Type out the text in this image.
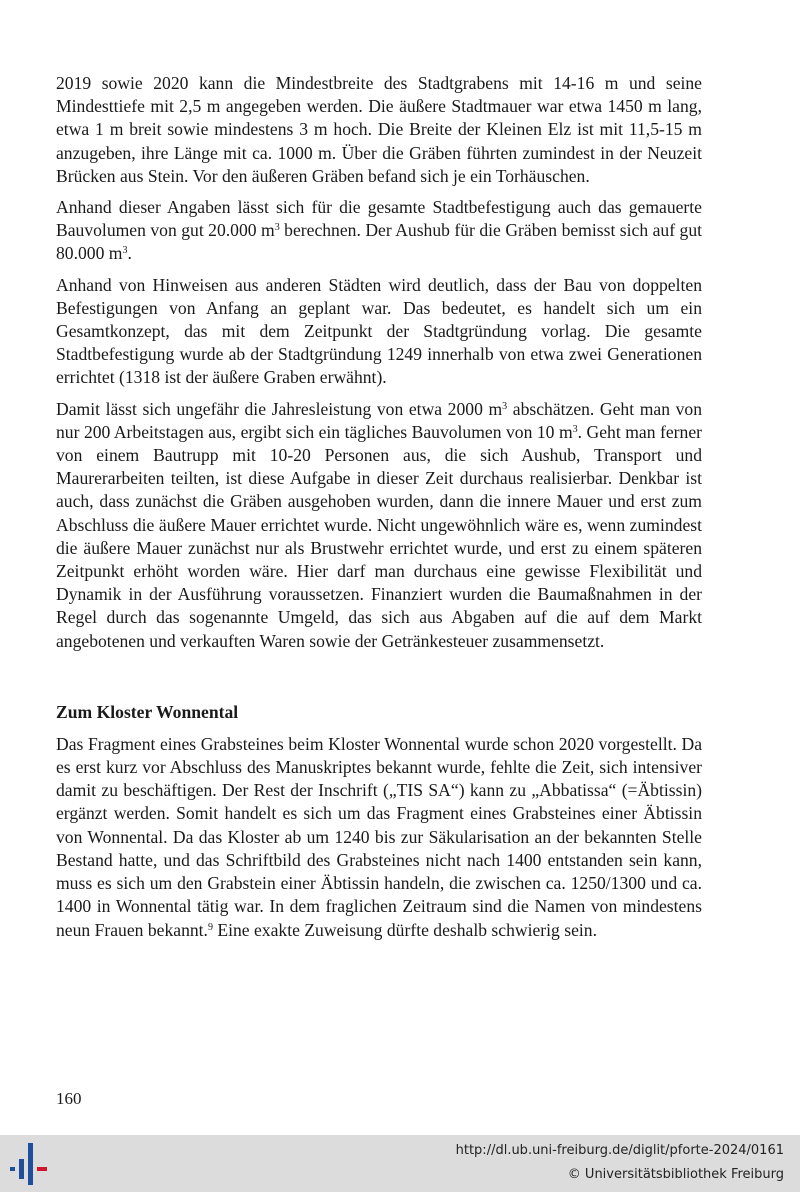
2019 sowie 2020 kann die Mindestbreite des Stadtgrabens mit 14-16 m und seine Mindesttiefe mit 2,5 m angegeben werden. Die äußere Stadtmauer war etwa 1450 m lang, etwa 1 m breit sowie mindestens 3 m hoch. Die Breite der Kleinen Elz ist mit 11,5-15 m anzugeben, ihre Länge mit ca. 1000 m. Über die Gräben führten zumindest in der Neuzeit Brücken aus Stein. Vor den äußeren Gräben befand sich je ein Torhäuschen.

Anhand dieser Angaben lässt sich für die gesamte Stadtbefestigung auch das gemauerte Bauvolumen von gut 20.000 $m^3$ berechnen. Der Aushub für die Gräben bemisst sich auf gut 80.000 $m^3$.

Anhand von Hinweisen aus anderen Städten wird deutlich, dass der Bau von doppelten Befestigungen von Anfang an geplant war. Das bedeutet, es handelt sich um ein Gesamtkonzept, das mit dem Zeitpunkt der Stadtgründung vorlag. Die gesamte Stadtbefestigung wurde ab der Stadtgründung 1249 innerhalb von etwa zwei Generationen errichtet (1318 ist der äußere Graben erwähnt).

Damit lässt sich ungefähr die Jahresleistung von etwa 2000 $m^3$ abschätzen. Geht man von nur 200 Arbeitstagen aus, ergibt sich ein tägliches Bauvolumen von 10 $m^3$. Geht man ferner von einem Bautrupp mit 10-20 Personen aus, die sich Aushub, Transport und Maurerarbeiten teilten, ist diese Aufgabe in dieser Zeit durchaus realisierbar. Denkbar ist auch, dass zunächst die Gräben ausgehoben wurden, dann die innere Mauer und erst zum Abschluss die äußere Mauer errichtet wurde. Nicht ungewöhnlich wäre es, wenn zumindest die äußere Mauer zunächst nur als Brustwehr errichtet wurde, und erst zu einem späteren Zeitpunkt erhöht worden wäre. Hier darf man durchaus eine gewisse Flexibilität und Dynamik in der Ausführung voraussetzen. Finanziert wurden die Baumaßnahmen in der Regel durch das sogenannte Umgeld, das sich aus Abgaben auf die auf dem Markt angebotenen und verkauften Waren sowie der Getränkesteuer zusammensetzt.

Zum Kloster Wonnental

Das Fragment eines Grabsteines beim Kloster Wonnental wurde schon 2020 vorgestellt. Da es erst kurz vor Abschluss des Manuskriptes bekannt wurde, fehlte die Zeit, sich intensiver damit zu beschäftigen. Der Rest der Inschrift („TIS SA“) kann zu „Abbatissa“ (=Äbtissin) ergänzt werden. Somit handelt es sich um das Fragment eines Grabsteines einer Äbtissin von Wonnental. Da das Kloster ab um 1240 bis zur Säkularisation an der bekannten Stelle Bestand hatte, und das Schriftbild des Grabsteines nicht nach 1400 entstanden sein kann, muss es sich um den Grabstein einer Äbtissin handeln, die zwischen ca. 1250/1300 und ca. 1400 in Wonnental tätig war. In dem fraglichen Zeitraum sind die Namen von mindestens neun Frauen bekannt.$^9$ Eine exakte Zuweisung dürfte deshalb schwierig sein.

160
http://dl.ub.uni-freiburg.de/diglit/pforte-2024/0161
© Universitätsbibliothek Freiburg
